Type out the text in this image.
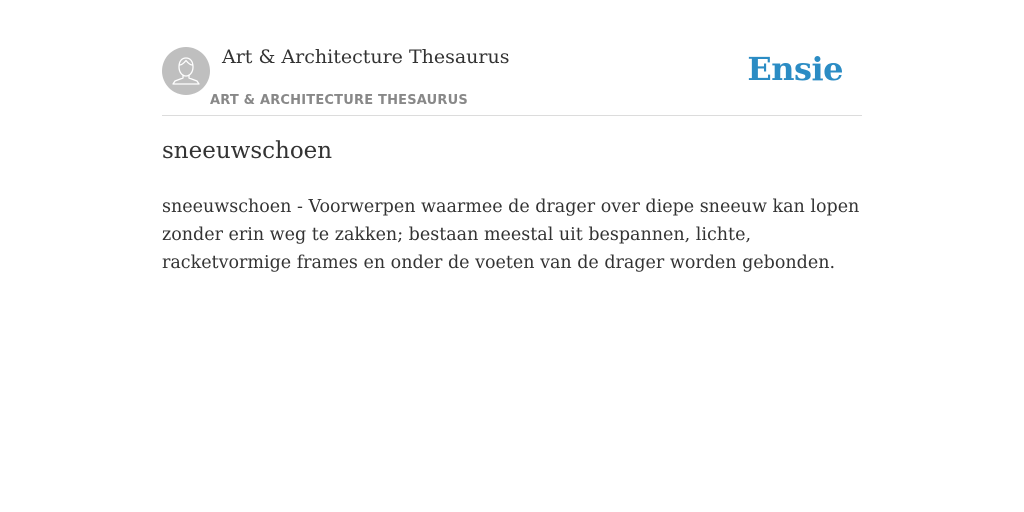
Art & Architecture Thesaurus
ART & ARCHITECTURE THESAURUS
Ensie
sneeuwschoen

sneeuwschoen - Voorwerpen waarmee de drager over diepe sneeuw kan lopen zonder erin weg te zakken; bestaan meestal uit bespannen, lichte, racketvormige frames en onder de voeten van de drager worden gebonden.
